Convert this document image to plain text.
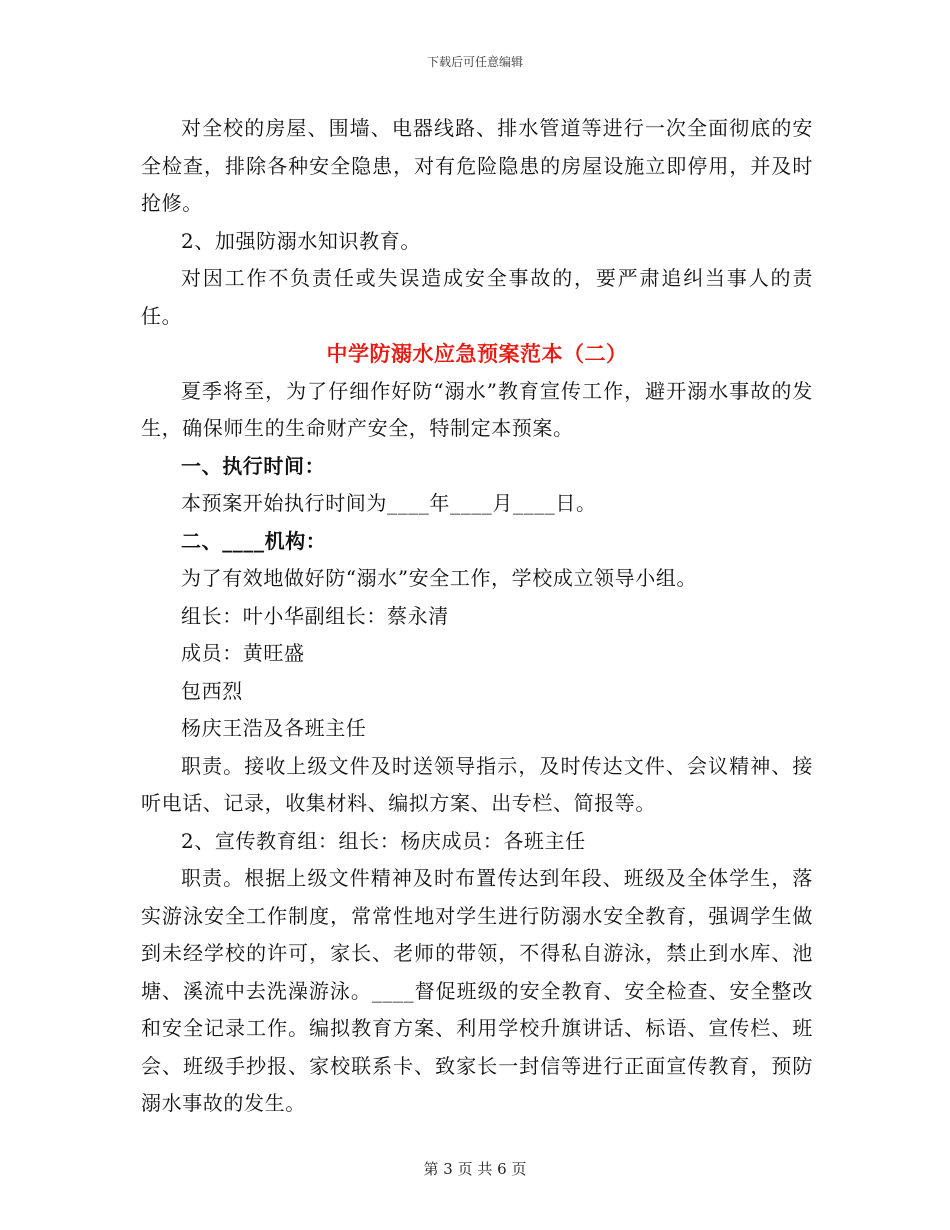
下载后可任意编辑

对全校的房屋、围墙、电器线路、排水管道等进行一次全面彻底的安全检查，排除各种安全隐患，对有危险隐患的房屋设施立即停用，并及时抢修。

2、加强防溺水知识教育。

对因工作不负责任或失误造成安全事故的，要严肃追纠当事人的责任。

中学防溺水应急预案范本（二）

夏季将至，为了仔细作好防“溺水”教育宣传工作，避开溺水事故的发生，确保师生的生命财产安全，特制定本预案。

一、执行时间：

本预案开始执行时间为____年____月____日。

二、____机构：

为了有效地做好防“溺水”安全工作，学校成立领导小组。

组长：叶小华副组长：蔡永清

成员：黄旺盛

包西烈

杨庆王浩及各班主任

职责。接收上级文件及时送领导指示，及时传达文件、会议精神、接听电话、记录，收集材料、编拟方案、出专栏、简报等。

2、宣传教育组：组长：杨庆成员：各班主任

职责。根据上级文件精神及时布置传达到年段、班级及全体学生，落实游泳安全工作制度，常常性地对学生进行防溺水安全教育，强调学生做到未经学校的许可，家长、老师的带领，不得私自游泳，禁止到水库、池塘、溪流中去洗澡游泳。____督促班级的安全教育、安全检查、安全整改和安全记录工作。编拟教育方案、利用学校升旗讲话、标语、宣传栏、班会、班级手抄报、家校联系卡、致家长一封信等进行正面宣传教育，预防溺水事故的发生。

第 3 页 共 6 页
